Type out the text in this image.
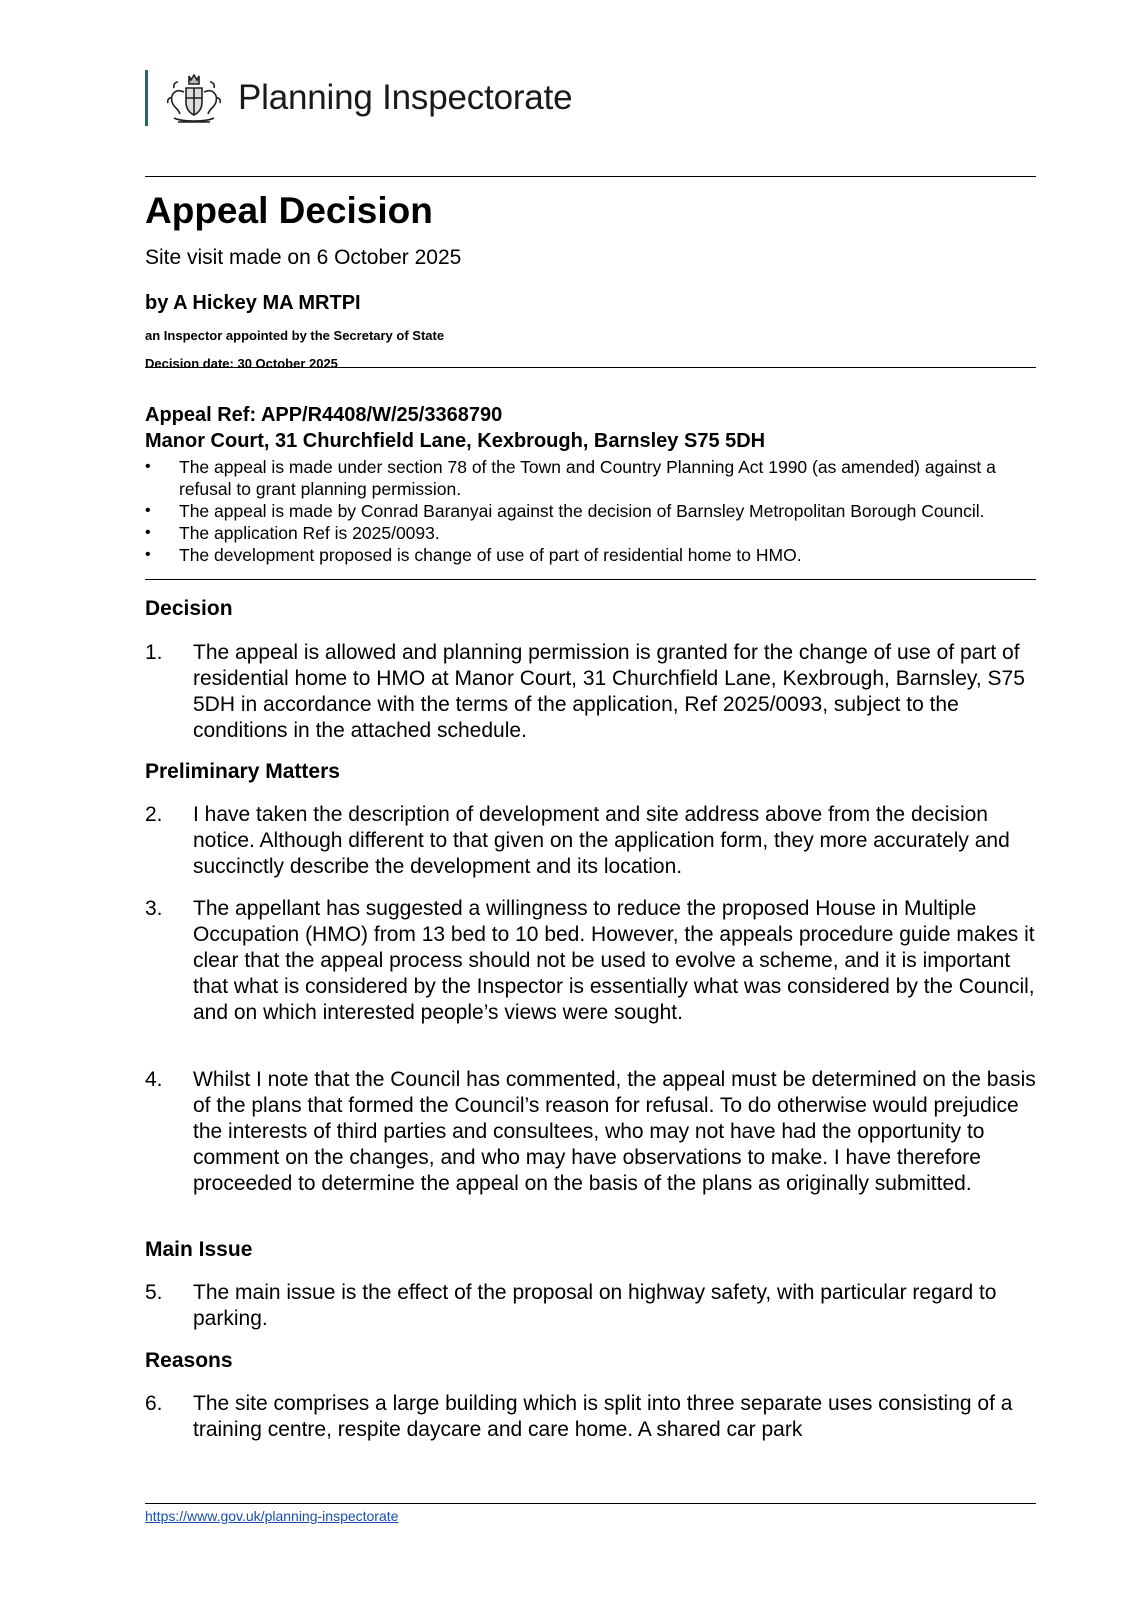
Planning Inspectorate
Appeal Decision
Site visit made on 6 October 2025
by A Hickey MA MRTPI
an Inspector appointed by the Secretary of State
Decision date: 30 October 2025
Appeal Ref: APP/R4408/W/25/3368790
Manor Court, 31 Churchfield Lane, Kexbrough, Barnsley S75 5DH
• The appeal is made under section 78 of the Town and Country Planning Act 1990 (as amended) against a refusal to grant planning permission.
• The appeal is made by Conrad Baranyai against the decision of Barnsley Metropolitan Borough Council.
• The application Ref is 2025/0093.
• The development proposed is change of use of part of residential home to HMO.
Decision
1.	The appeal is allowed and planning permission is granted for the change of use of part of residential home to HMO at Manor Court, 31 Churchfield Lane, Kexbrough, Barnsley, S75 5DH in accordance with the terms of the application, Ref 2025/0093, subject to the conditions in the attached schedule.
Preliminary Matters
2.	I have taken the description of development and site address above from the decision notice. Although different to that given on the application form, they more accurately and succinctly describe the development and its location.
3.	The appellant has suggested a willingness to reduce the proposed House in Multiple Occupation (HMO) from 13 bed to 10 bed. However, the appeals procedure guide makes it clear that the appeal process should not be used to evolve a scheme, and it is important that what is considered by the Inspector is essentially what was considered by the Council, and on which interested people’s views were sought.
4.	Whilst I note that the Council has commented, the appeal must be determined on the basis of the plans that formed the Council’s reason for refusal. To do otherwise would prejudice the interests of third parties and consultees, who may not have had the opportunity to comment on the changes, and who may have observations to make. I have therefore proceeded to determine the appeal on the basis of the plans as originally submitted.
Main Issue
5.	The main issue is the effect of the proposal on highway safety, with particular regard to parking.
Reasons
6.	The site comprises a large building which is split into three separate uses consisting of a training centre, respite daycare and care home. A shared car park
https://www.gov.uk/planning-inspectorate
